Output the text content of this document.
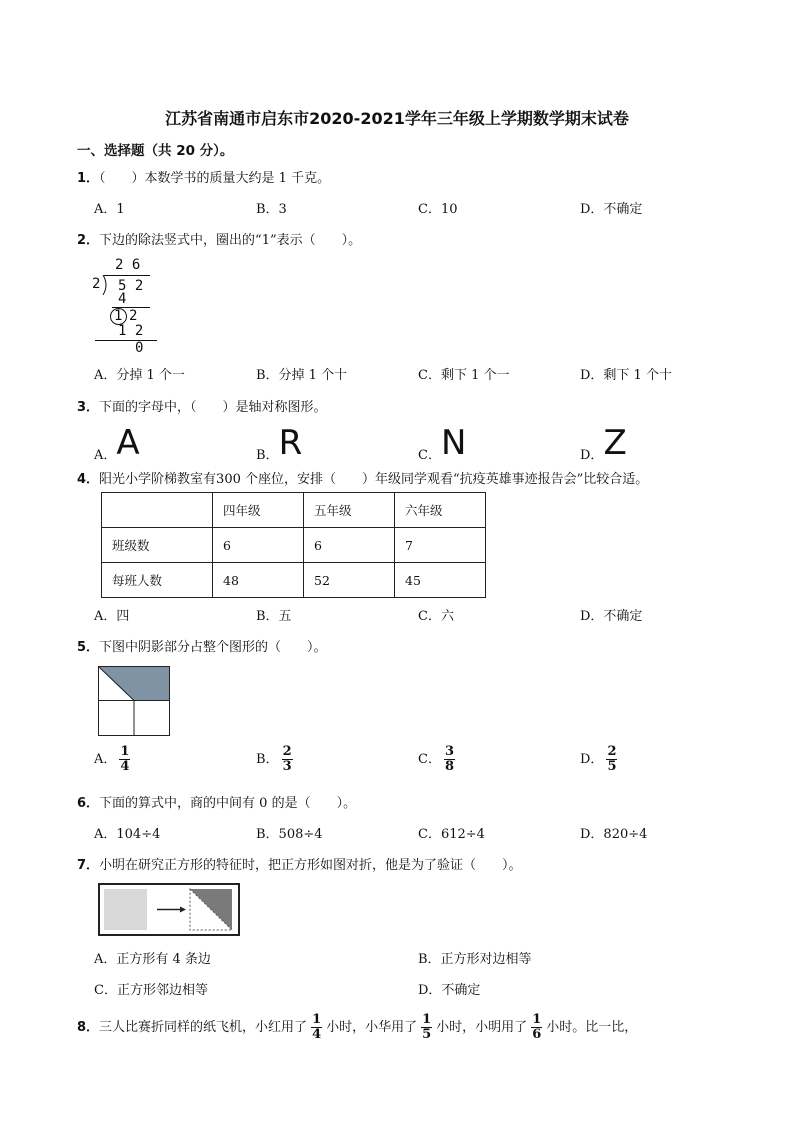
江苏省南通市启东市2020-2021学年三年级上学期数学期末试卷
一、选择题（共 20 分）。
1．（　　）本数学书的质量大约是 1 千克。
A．1	B．3	C．10	D．不确定
2．下边的除法竖式中，圈出的“1”表示（　　）。
2 6
2 5 2
4
1 2
1 2
0
A．分掉 1 个一	B．分掉 1 个十	C．剩下 1 个一	D．剩下 1 个十
3．下面的字母中，（　　）是轴对称图形。
A．A	B．R	C．N	D．Z
4．阳光小学阶梯教室有300 个座位，安排（　　）年级同学观看“抗疫英雄事迹报告会”比较合适。
	四年级	五年级	六年级
班级数	6	6	7
每班人数	48	52	45
A．四	B．五	C．六	D．不确定
5．下图中阴影部分占整个图形的（　　）。
A． $\frac{1}{4}$	B． $\frac{2}{3}$	C． $\frac{3}{8}$	D． $\frac{2}{5}$
6．下面的算式中，商的中间有 0 的是（　　）。
A．104÷4	B．508÷4	C．612÷4	D．820÷4
7．小明在研究正方形的特征时，把正方形如图对折，他是为了验证（　　）。
A．正方形有 4 条边	B．正方形对边相等
C．正方形邻边相等	D．不确定
8．三人比赛折同样的纸飞机，小红用了 $\frac{1}{4}$ 小时，小华用了 $\frac{1}{5}$ 小时，小明用了 $\frac{1}{6}$ 小时。比一比，
